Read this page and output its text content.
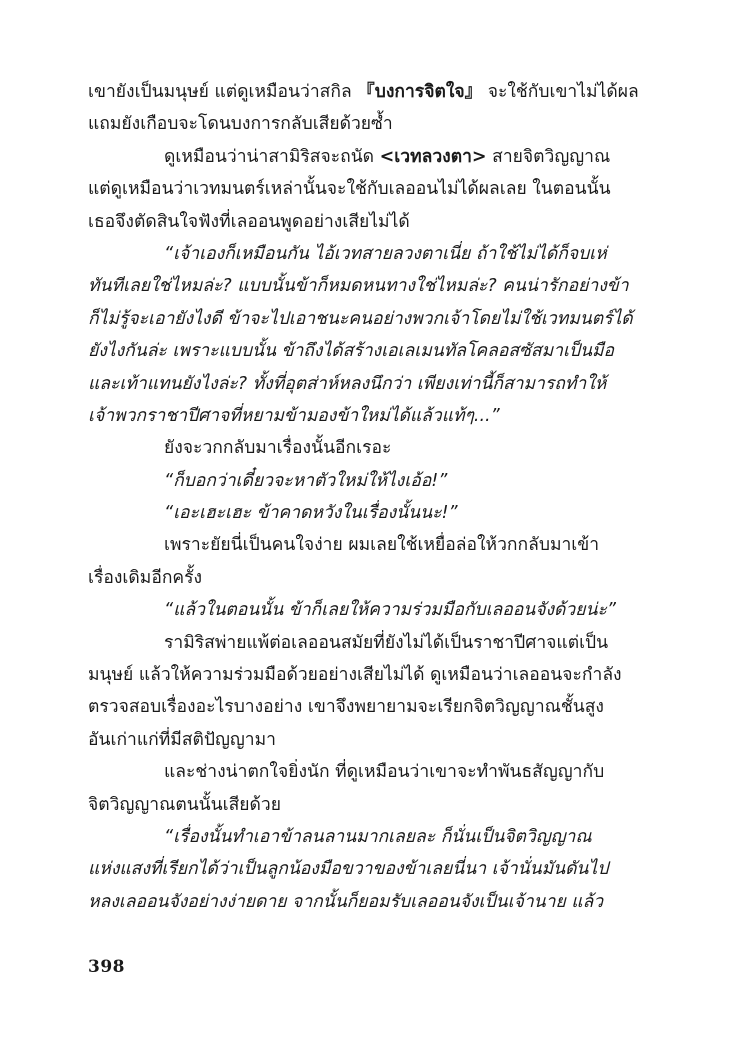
เขายังเป็นมนุษย์ แต่ดูเหมือนว่าสกิล 『บงการจิตใจ』 จะใช้กับเขาไม่ได้ผล
แถมยังเกือบจะโดนบงการกลับเสียด้วยซ้ำ
ดูเหมือนว่าน่าสามิริสจะถนัด <เวทลวงตา> สายจิตวิญญาณ
แต่ดูเหมือนว่าเวทมนตร์เหล่านั้นจะใช้กับเลออนไม่ได้ผลเลย ในตอนนั้น
เธอจึงตัดสินใจฟังที่เลออนพูดอย่างเสียไม่ได้
“เจ้าเองก็เหมือนกัน ไอ้เวทสายลวงตาเนี่ย ถ้าใช้ไม่ได้ก็จบเห่
ทันทีเลยใช่ไหมล่ะ? แบบนั้นข้าก็หมดหนทางใช่ไหมล่ะ? คนน่ารักอย่างข้า
ก็ไม่รู้จะเอายังไงดี ข้าจะไปเอาชนะคนอย่างพวกเจ้าโดยไม่ใช้เวทมนตร์ได้
ยังไงกันล่ะ เพราะแบบนั้น ข้าถึงได้สร้างเอเลเมนทัลโคลอสซัสมาเป็นมือ
และเท้าแทนยังไงล่ะ? ทั้งที่อุตส่าห์หลงนึกว่า เพียงเท่านี้ก็สามารถทำให้
เจ้าพวกราชาปีศาจที่หยามข้ามองข้าใหม่ได้แล้วแท้ๆ...”
ยังจะวกกลับมาเรื่องนั้นอีกเรอะ
“ก็บอกว่าเดี๋ยวจะหาตัวใหม่ให้ไงเอ้อ!”
“เอะเฮะเฮะ ข้าคาดหวังในเรื่องนั้นนะ!”
เพราะยัยนี่เป็นคนใจง่าย ผมเลยใช้เหยื่อล่อให้วกกลับมาเข้า
เรื่องเดิมอีกครั้ง
“แล้วในตอนนั้น ข้าก็เลยให้ความร่วมมือกับเลออนจังด้วยน่ะ”
รามิริสพ่ายแพ้ต่อเลออนสมัยที่ยังไม่ได้เป็นราชาปีศาจแต่เป็น
มนุษย์ แล้วให้ความร่วมมือด้วยอย่างเสียไม่ได้ ดูเหมือนว่าเลออนจะกำลัง
ตรวจสอบเรื่องอะไรบางอย่าง เขาจึงพยายามจะเรียกจิตวิญญาณชั้นสูง
อันเก่าแก่ที่มีสติปัญญามา
และช่างน่าตกใจยิ่งนัก ที่ดูเหมือนว่าเขาจะทำพันธสัญญากับ
จิตวิญญาณตนนั้นเสียด้วย
“เรื่องนั้นทำเอาข้าลนลานมากเลยละ ก็นั่นเป็นจิตวิญญาณ
แห่งแสงที่เรียกได้ว่าเป็นลูกน้องมือขวาของข้าเลยนี่นา เจ้านั่นมันดันไป
หลงเลออนจังอย่างง่ายดาย จากนั้นก็ยอมรับเลออนจังเป็นเจ้านาย แล้ว
398
